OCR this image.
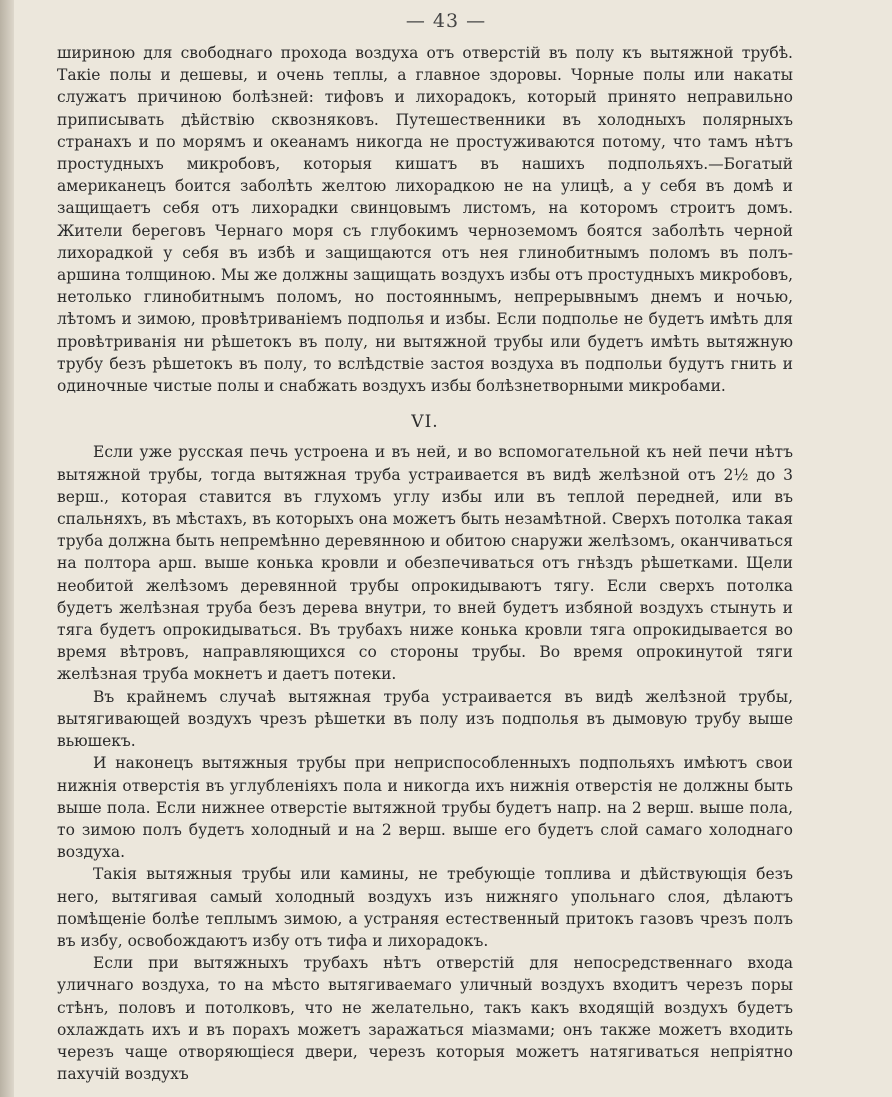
— 43 —

шириною для свободнаго прохода воздуха отъ отверстій въ полу къ вытяжной трубѣ. Такіе полы и дешевы, и очень теплы, а главное здоровы. Чорные полы или накаты служатъ причиною болѣзней: тифовъ и лихорадокъ, который принято неправильно приписывать дѣйствію сквозняковъ. Путешественники въ холодныхъ полярныхъ странахъ и по морямъ и океанамъ никогда не простуживаются потому, что тамъ нѣтъ простудныхъ микробовъ, которыя кишатъ въ нашихъ подпольяхъ.—Богатый американецъ боится заболѣть желтою лихорадкою не на улицѣ, а у себя въ домѣ и защищаетъ себя отъ лихорадки свинцовымъ листомъ, на которомъ строитъ домъ. Жители береговъ Чернаго моря съ глубокимъ черноземомъ боятся заболѣть черной лихорадкой у себя въ избѣ и защищаются отъ нея глинобитнымъ поломъ въ полъ-аршина толщиною. Мы же должны защищать воздухъ избы отъ простудныхъ микробовъ, нетолько глинобитнымъ поломъ, но постояннымъ, непрерывнымъ днемъ и ночью, лѣтомъ и зимою, провѣтриваніемъ подполья и избы. Если подполье не будетъ имѣть для провѣтриванія ни рѣшетокъ въ полу, ни вытяжной трубы или будетъ имѣть вытяжную трубу безъ рѣшетокъ въ полу, то вслѣдствіе застоя воздуха въ подпольи будутъ гнить и одиночные чистые полы и снабжать воздухъ избы болѣзнетворными микробами.

VI.

Если уже русская печь устроена и въ ней, и во вспомогательной къ ней печи нѣтъ вытяжной трубы, тогда вытяжная труба устраивается въ видѣ желѣзной отъ 2½ до 3 верш., которая ставится въ глухомъ углу избы или въ теплой передней, или въ спальняхъ, въ мѣстахъ, въ которыхъ она можетъ быть незамѣтной. Сверхъ потолка такая труба должна быть непремѣнно деревянною и обитою снаружи желѣзомъ, оканчиваться на полтора арш. выше конька кровли и обезпечиваться отъ гнѣздъ рѣшетками. Щели необитой желѣзомъ деревянной трубы опрокидываютъ тягу. Если сверхъ потолка будетъ желѣзная труба безъ дерева внутри, то вней будетъ избяной воздухъ стынуть и тяга будетъ опрокидываться. Въ трубахъ ниже конька кровли тяга опрокидывается во время вѣтровъ, направляющихся со стороны трубы. Во время опрокинутой тяги желѣзная труба мокнетъ и даетъ потеки.

Въ крайнемъ случаѣ вытяжная труба устраивается въ видѣ желѣзной трубы, вытягивающей воздухъ чрезъ рѣшетки въ полу изъ подполья въ дымовую трубу выше вьюшекъ.

И наконецъ вытяжныя трубы при неприспособленныхъ подпольяхъ имѣютъ свои нижнія отверстія въ углубленіяхъ пола и никогда ихъ нижнія отверстія не должны быть выше пола. Если нижнее отверстіе вытяжной трубы будетъ напр. на 2 верш. выше пола, то зимою полъ будетъ холодный и на 2 верш. выше его будетъ слой самаго холоднаго воздуха.

Такія вытяжныя трубы или камины, не требующіе топлива и дѣйствующія безъ него, вытягивая самый холодный воздухъ изъ нижняго упольнаго слоя, дѣлаютъ помѣщеніе болѣе теплымъ зимою, а устраняя естественный притокъ газовъ чрезъ полъ въ избу, освобождаютъ избу отъ тифа и лихорадокъ.

Если при вытяжныхъ трубахъ нѣтъ отверстій для непосредственнаго входа уличнаго воздуха, то на мѣсто вытягиваемаго уличный воздухъ входитъ черезъ поры стѣнъ, половъ и потолковъ, что не желательно, такъ какъ входящій воздухъ будетъ охлаждать ихъ и въ порахъ можетъ заражаться міазмами; онъ также можетъ входить черезъ чаще отворяющіеся двери, черезъ которыя можетъ натягиваться непріятно пахучій воздухъ
